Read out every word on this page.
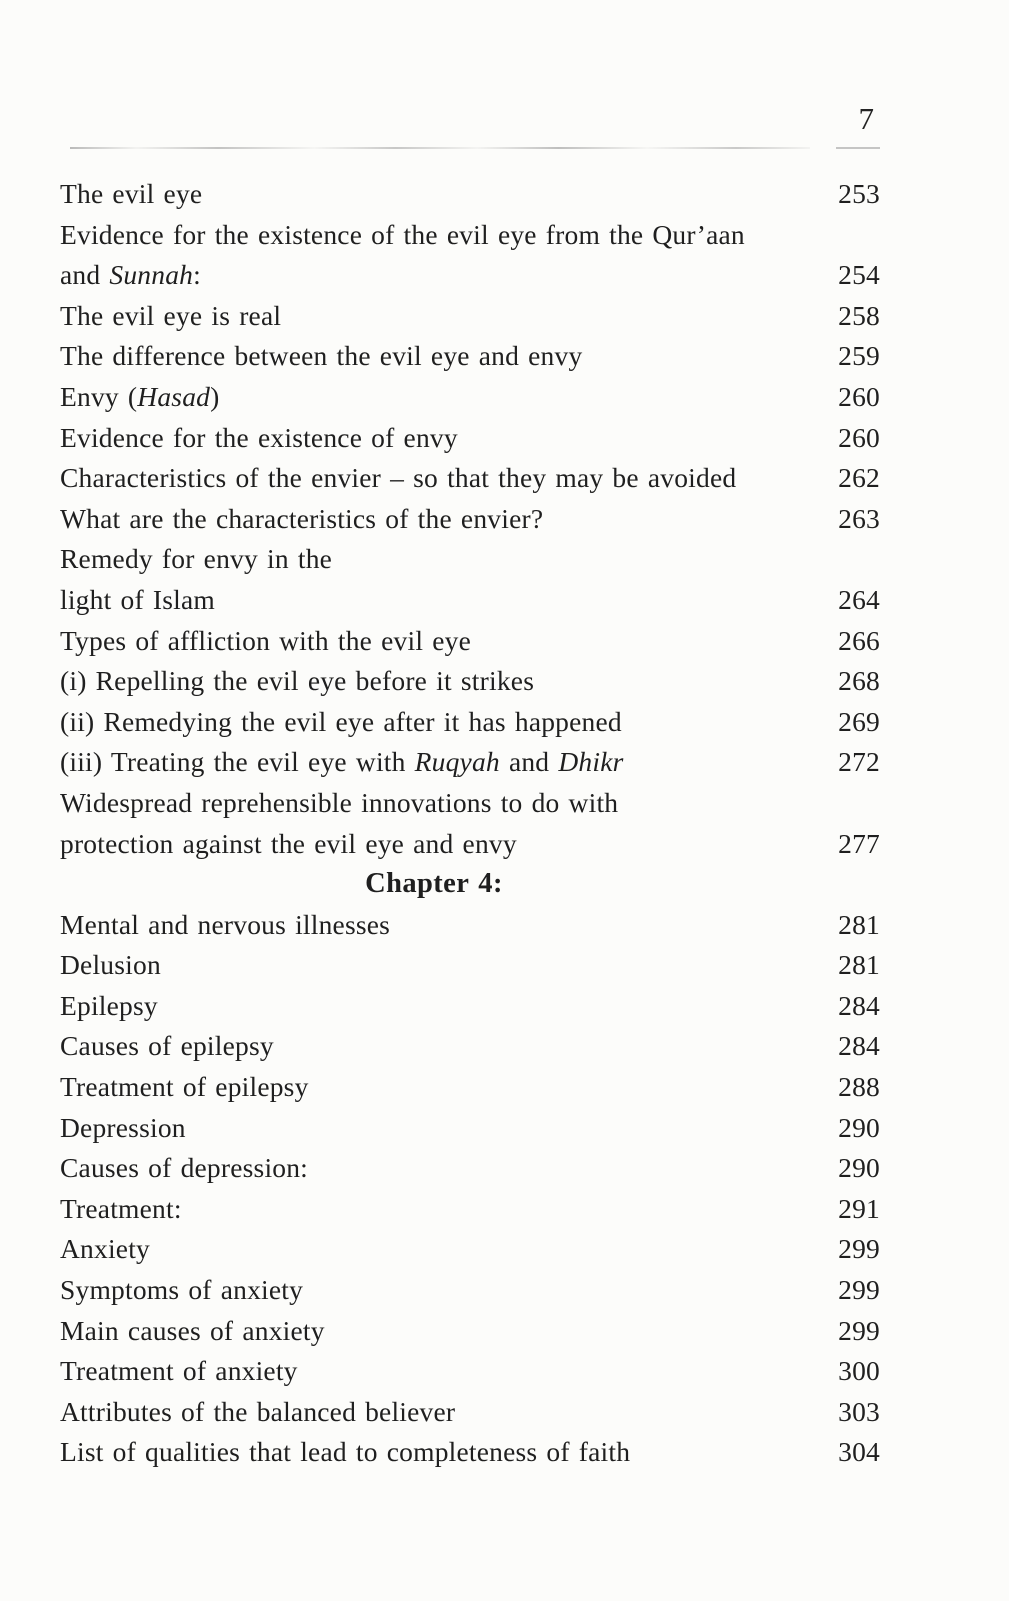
7
The evil eye	253
Evidence for the existence of the evil eye from the Qur’aan
and Sunnah:	254
The evil eye is real	258
The difference between the evil eye and envy	259
Envy (Hasad)	260
Evidence for the existence of envy	260
Characteristics of the envier – so that they may be avoided	262
What are the characteristics of the envier?	263
Remedy for envy in the
light of Islam	264
Types of affliction with the evil eye	266
(i) Repelling the evil eye before it strikes	268
(ii) Remedying the evil eye after it has happened	269
(iii) Treating the evil eye with Ruqyah and Dhikr	272
Widespread reprehensible innovations to do with
protection against the evil eye and envy	277
Chapter 4:
Mental and nervous illnesses	281
Delusion	281
Epilepsy	284
Causes of epilepsy	284
Treatment of epilepsy	288
Depression	290
Causes of depression:	290
Treatment:	291
Anxiety	299
Symptoms of anxiety	299
Main causes of anxiety	299
Treatment of anxiety	300
Attributes of the balanced believer	303
List of qualities that lead to completeness of faith	304
